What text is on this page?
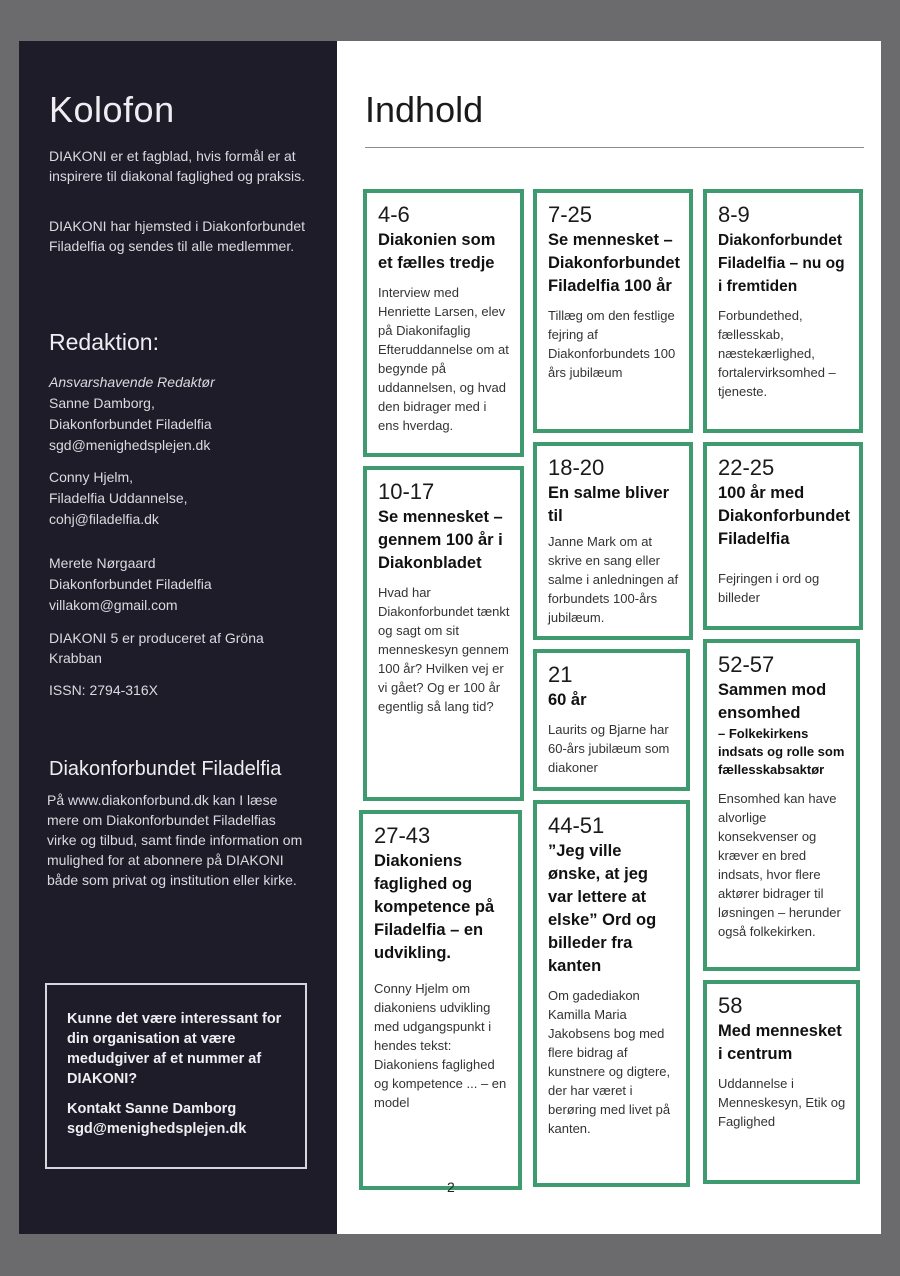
Kolofon

DIAKONI er et fagblad, hvis formål er at inspirere til diakonal faglighed og praksis.

DIAKONI har hjemsted i Diakonforbundet Filadelfia og sendes til alle medlemmer.

Redaktion:

Ansvarshavende Redaktør

Sanne Damborg,

Diakonforbundet Filadelfia

sgd@menighedsplejen.dk

Conny Hjelm,

Filadelfia Uddannelse,

cohj@filadelfia.dk

Merete Nørgaard

Diakonforbundet Filadelfia

villakom@gmail.com

DIAKONI 5 er produceret af Gröna Krabban

ISSN: 2794-316X

Diakonforbundet Filadelfia

På www.diakonforbund.dk kan I læse mere om Diakonforbundet Filadelfias virke og tilbud, samt finde information om mulighed for at abonnere på DIAKONI både som privat og institution eller kirke.

Kunne det være interessant for din organisation at være medudgiver af et nummer af DIAKONI?

Kontakt Sanne Damborg

sgd@menighedsplejen.dk

Indhold
4-6
Diakonien som et fælles tredje
Interview med Henriette Larsen, elev på Diakonifaglig Efteruddannelse om at begynde på uddannelsen, og hvad den bidrager med i ens hverdag.
10-17
Se mennesket – gennem 100 år i Diakonbladet
Hvad har Diakonforbundet tænkt og sagt om sit menneskesyn gennem 100 år? Hvilken vej er vi gået? Og er 100 år egentlig så lang tid?
27-43
Diakoniens faglighed og kompetence på Filadelfia – en udvikling.
Conny Hjelm om diakoniens udvikling med udgangspunkt i hendes tekst: Diakoniens faglighed og kompetence ... – en model
7-25
Se mennesket – Diakonforbundet Filadelfia 100 år
Tillæg om den festlige fejring af Diakonforbundets 100 års jubilæum
18-20
En salme bliver til
Janne Mark om at skrive en sang eller salme i anledningen af forbundets 100-års jubilæum.
21
60 år
Laurits og Bjarne har 60-års jubilæum som diakoner
44-51
”Jeg ville ønske, at jeg var lettere at elske” Ord og billeder fra kanten
Om gadediakon Kamilla Maria Jakobsens bog med flere bidrag af kunstnere og digtere, der har været i berøring med livet på kanten.
8-9
Diakonforbundet Filadelfia – nu og i fremtiden
Forbundethed, fællesskab, næstekærlighed, fortalervirksomhed – tjeneste.
22-25
100 år med Diakonforbundet Filadelfia
Fejringen i ord og billeder
52-57
Sammen mod ensomhed
– Folkekirkens indsats og rolle som fællesskabsaktør
Ensomhed kan have alvorlige konsekvenser og kræver en bred indsats, hvor flere aktører bidrager til løsningen – herunder også folkekirken.
58
Med mennesket i centrum
Uddannelse i Menneskesyn, Etik og Faglighed
2
